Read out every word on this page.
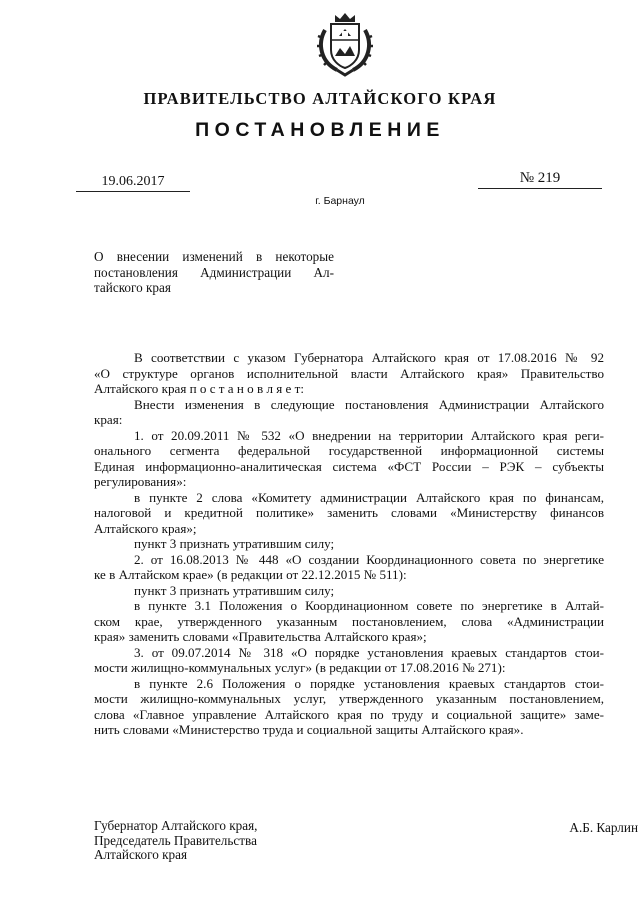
ПРАВИТЕЛЬСТВО АЛТАЙСКОГО КРАЯ
ПОСТАНОВЛЕНИЕ
19.06.2017	№ 219
г. Барнаул

О внесении изменений в некоторые
постановления Администрации Ал-
тайского края

В соответствии с указом Губернатора Алтайского края от 17.08.2016 № 92
«О структуре органов исполнительной власти Алтайского края» Правительство
Алтайского края п о с т а н о в л я е т:

Внести изменения в следующие постановления Администрации Алтайского
края:

1. от 20.09.2011 № 532 «О внедрении на территории Алтайского края реги-
онального сегмента федеральной государственной информационной системы
Единая информационно-аналитическая система «ФСТ России – РЭК – субъекты
регулирования»:

в пункте 2 слова «Комитету администрации Алтайского края по финансам,
налоговой и кредитной политике» заменить словами «Министерству финансов
Алтайского края»;

пункт 3 признать утратившим силу;

2. от 16.08.2013 № 448 «О создании Координационного совета по энергетике
ке в Алтайском крае» (в редакции от 22.12.2015 № 511):

пункт 3 признать утратившим силу;

в пункте 3.1 Положения о Координационном совете по энергетике в Алтай-
ском крае, утвержденного указанным постановлением, слова «Администрации
края» заменить словами «Правительства Алтайского края»;

3. от 09.07.2014 № 318 «О порядке установления краевых стандартов стои-
мости жилищно-коммунальных услуг» (в редакции от 17.08.2016 № 271):

в пункте 2.6 Положения о порядке установления краевых стандартов стои-
мости жилищно-коммунальных услуг, утвержденного указанным постановлением,
слова «Главное управление Алтайского края по труду и социальной защите» заме-
нить словами «Министерство труда и социальной защиты Алтайского края».

Губернатор Алтайского края,
Председатель Правительства
Алтайского края
А.Б. Карлин
